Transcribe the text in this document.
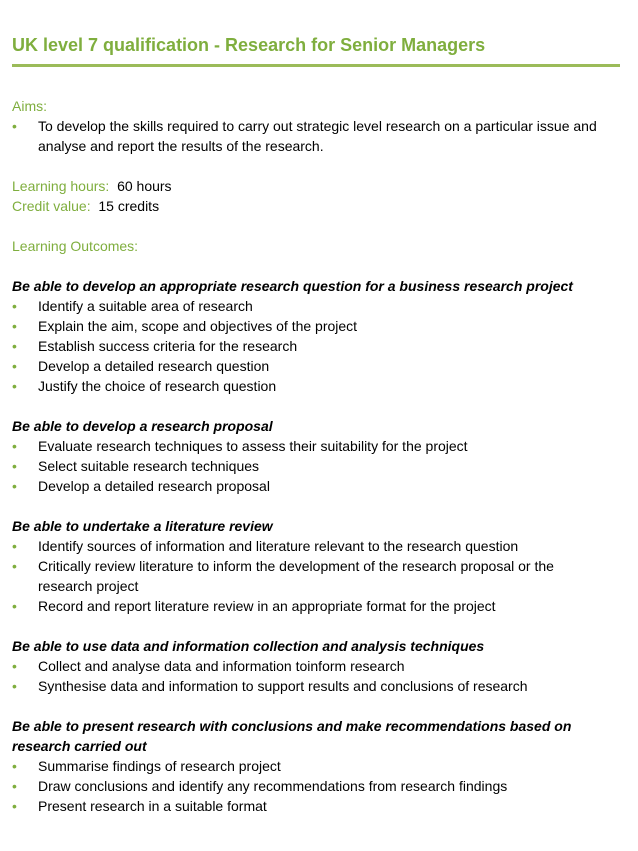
UK level 7 qualification - Research for Senior Managers
Aims:
• To develop the skills required to carry out strategic level research on a particular issue and analyse and report the results of the research.
Learning hours: 60 hours
Credit value: 15 credits
Learning Outcomes:
Be able to develop an appropriate research question for a business research project
• Identify a suitable area of research
• Explain the aim, scope and objectives of the project
• Establish success criteria for the research
• Develop a detailed research question
• Justify the choice of research question
Be able to develop a research proposal
• Evaluate research techniques to assess their suitability for the project
• Select suitable research techniques
• Develop a detailed research proposal
Be able to undertake a literature review
• Identify sources of information and literature relevant to the research question
• Critically review literature to inform the development of the research proposal or the research project
• Record and report literature review in an appropriate format for the project
Be able to use data and information collection and analysis techniques
• Collect and analyse data and information toinform research
• Synthesise data and information to support results and conclusions of research
Be able to present research with conclusions and make recommendations based on research carried out
• Summarise findings of research project
• Draw conclusions and identify any recommendations from research findings
• Present research in a suitable format
